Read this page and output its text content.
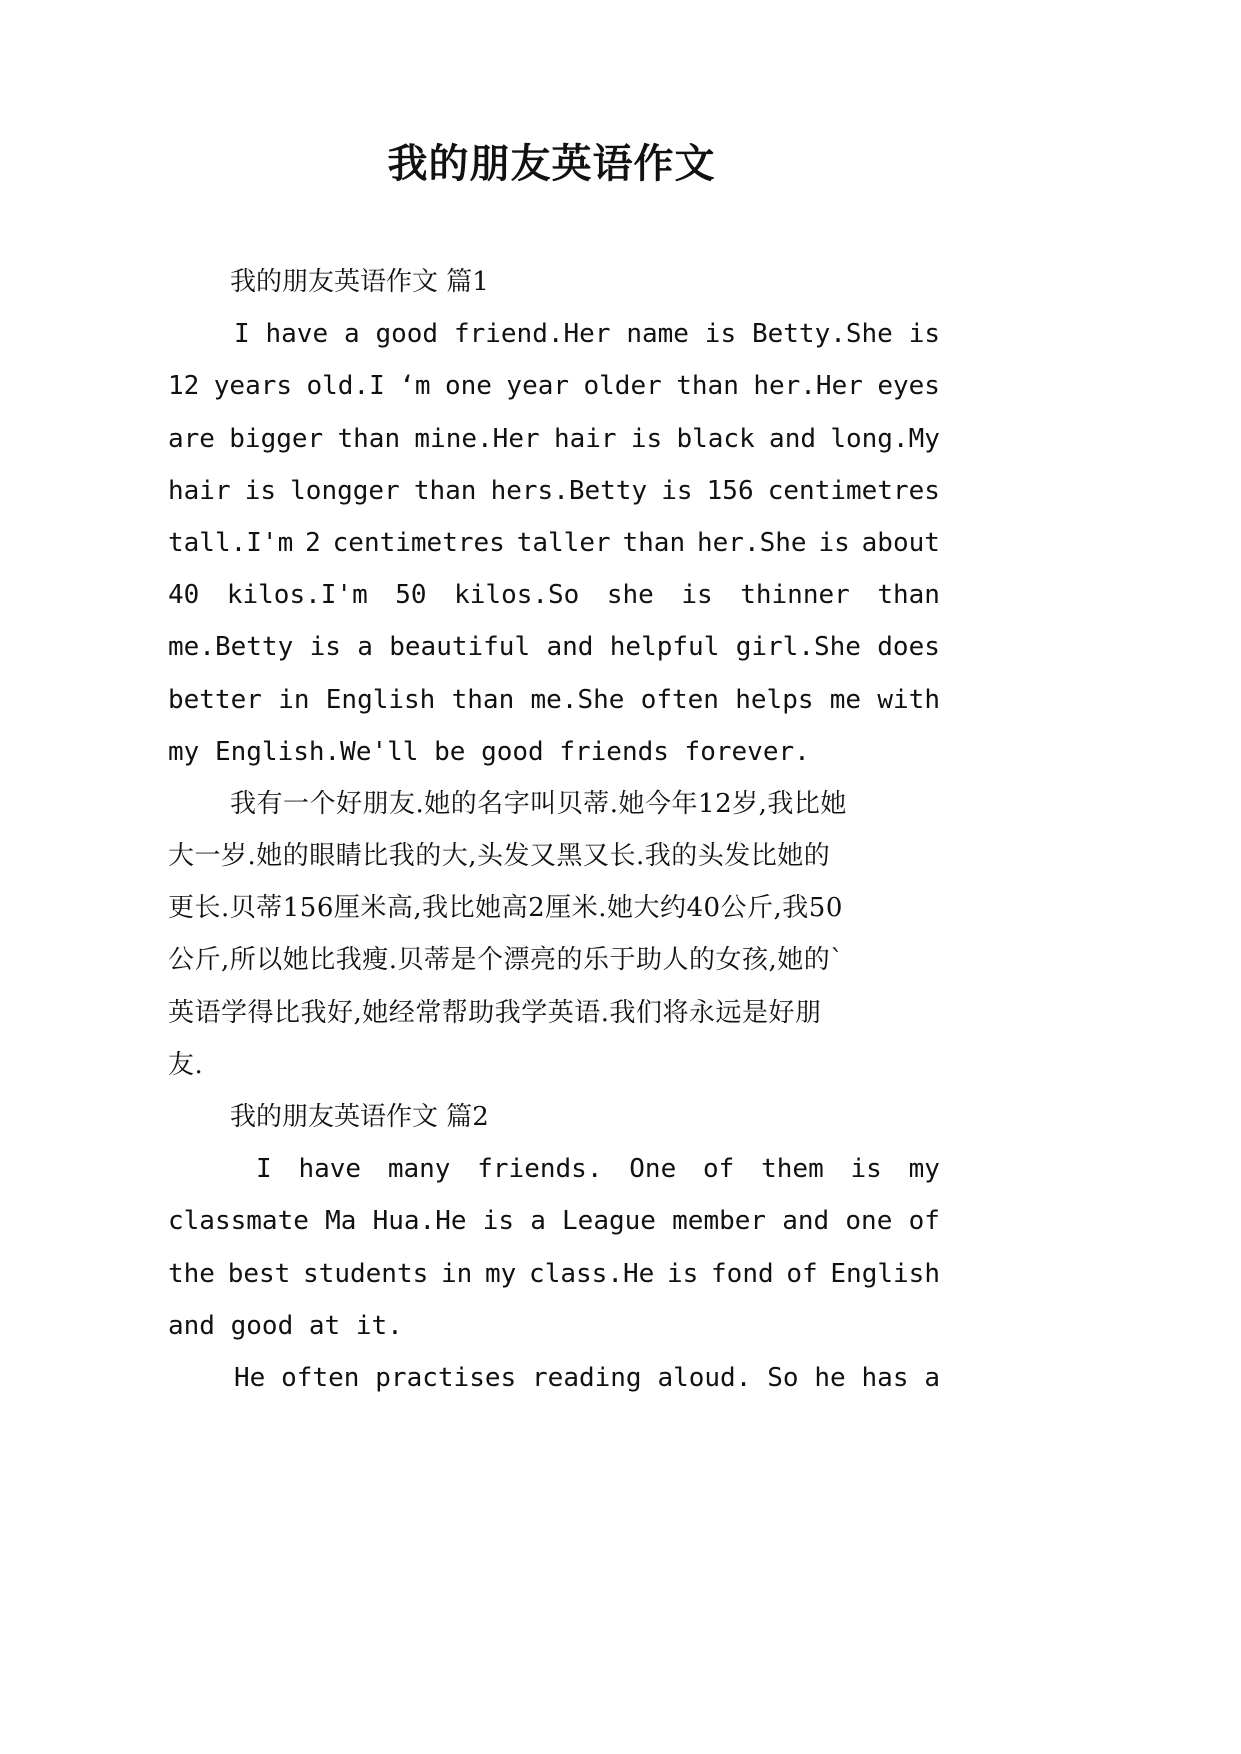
我的朋友英语作文
我的朋友英语作文 篇1
I have a good friend.Her name is Betty.She is
12 years old.I ‘m one year older than her.Her eyes
are bigger than mine.Her hair is black and long.My
hair is longger than hers.Betty is 156 centimetres
tall.I'm 2 centimetres taller than her.She is about
40 kilos.I'm 50 kilos.So she is thinner than
me.Betty is a beautiful and helpful girl.She does
better in English than me.She often helps me with
my English.We'll be good friends forever.
我有一个好朋友.她的名字叫贝蒂.她今年12岁,我比她
大一岁.她的眼睛比我的大,头发又黑又长.我的头发比她的
更长.贝蒂156厘米高,我比她高2厘米.她大约40公斤,我50
公斤,所以她比我瘦.贝蒂是个漂亮的乐于助人的女孩,她的`
英语学得比我好,她经常帮助我学英语.我们将永远是好朋
友.
我的朋友英语作文 篇2
I have many friends. One of them is my
classmate Ma Hua.He is a League member and one of
the best students in my class.He is fond of English
and good at it.
He often practises reading aloud. So he has a
